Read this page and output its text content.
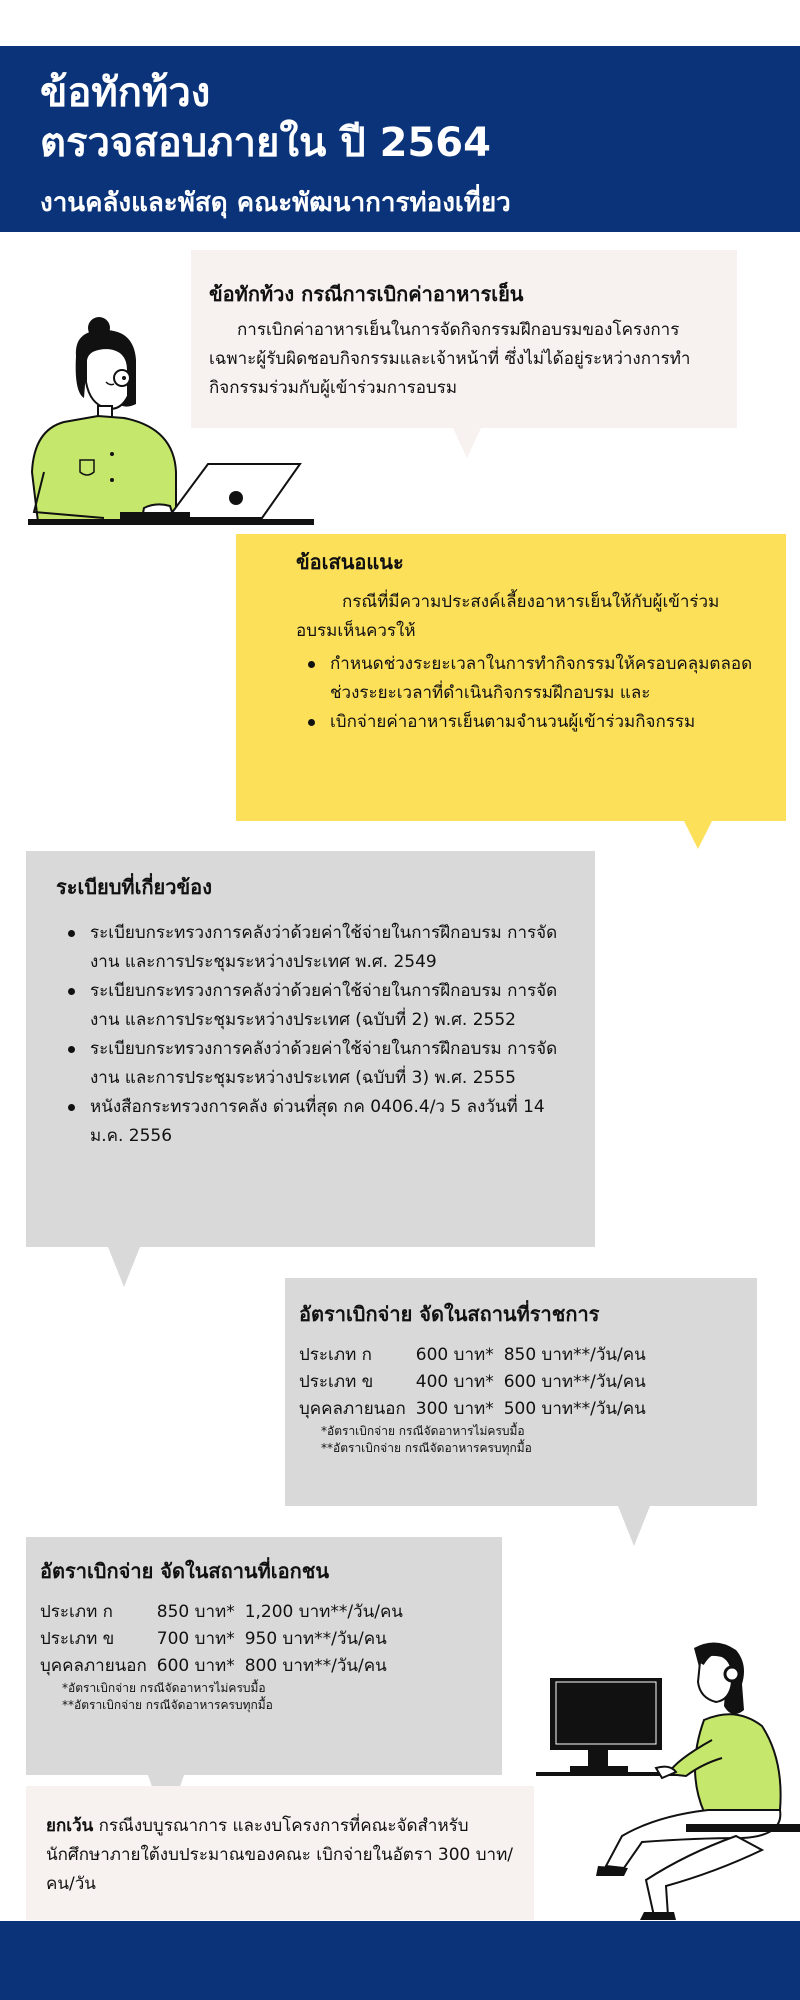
ข้อทักท้วง
ตรวจสอบภายใน ปี 2564
งานคลังและพัสดุ คณะพัฒนาการท่องเที่ยว
ข้อทักท้วง กรณีการเบิกค่าอาหารเย็น
การเบิกค่าอาหารเย็นในการจัดกิจกรรมฝึกอบรมของโครงการ เฉพาะผู้รับผิดชอบกิจกรรมและเจ้าหน้าที่ ซึ่งไม่ได้อยู่ระหว่างการทำกิจกรรมร่วมกับผู้เข้าร่วมการอบรม
ข้อเสนอแนะ
กรณีที่มีความประสงค์เลี้ยงอาหารเย็นให้กับผู้เข้าร่วมอบรมเห็นควรให้
กำหนดช่วงระยะเวลาในการทำกิจกรรมให้ครอบคลุมตลอดช่วงระยะเวลาที่ดำเนินกิจกรรมฝึกอบรม และ
เบิกจ่ายค่าอาหารเย็นตามจำนวนผู้เข้าร่วมกิจกรรม
ระเบียบที่เกี่ยวข้อง
ระเบียบกระทรวงการคลังว่าด้วยค่าใช้จ่ายในการฝึกอบรม การจัดงาน และการประชุมระหว่างประเทศ พ.ศ. 2549
ระเบียบกระทรวงการคลังว่าด้วยค่าใช้จ่ายในการฝึกอบรม การจัดงาน และการประชุมระหว่างประเทศ (ฉบับที่ 2) พ.ศ. 2552
ระเบียบกระทรวงการคลังว่าด้วยค่าใช้จ่ายในการฝึกอบรม การจัดงาน และการประชุมระหว่างประเทศ (ฉบับที่ 3) พ.ศ. 2555
หนังสือกระทรวงการคลัง ด่วนที่สุด กค 0406.4/ว 5 ลงวันที่ 14 ม.ค. 2556
อัตราเบิกจ่าย จัดในสถานที่ราชการ
ประเภท ก	600 บาท*	850 บาท**/วัน/คน
ประเภท ข	400 บาท*	600 บาท**/วัน/คน
บุคคลภายนอก	300 บาท*	500 บาท**/วัน/คน
*อัตราเบิกจ่าย กรณีจัดอาหารไม่ครบมื้อ
**อัตราเบิกจ่าย กรณีจัดอาหารครบทุกมื้อ
อัตราเบิกจ่าย จัดในสถานที่เอกชน
ประเภท ก	850 บาท*	1,200 บาท**/วัน/คน
ประเภท ข	700 บาท*	950 บาท**/วัน/คน
บุคคลภายนอก	600 บาท*	800 บาท**/วัน/คน
*อัตราเบิกจ่าย กรณีจัดอาหารไม่ครบมื้อ
**อัตราเบิกจ่าย กรณีจัดอาหารครบทุกมื้อ
ยกเว้น กรณีงบบูรณาการ และงบโครงการที่คณะจัดสำหรับนักศึกษาภายใต้งบประมาณของคณะ เบิกจ่ายในอัตรา 300 บาท/คน/วัน
